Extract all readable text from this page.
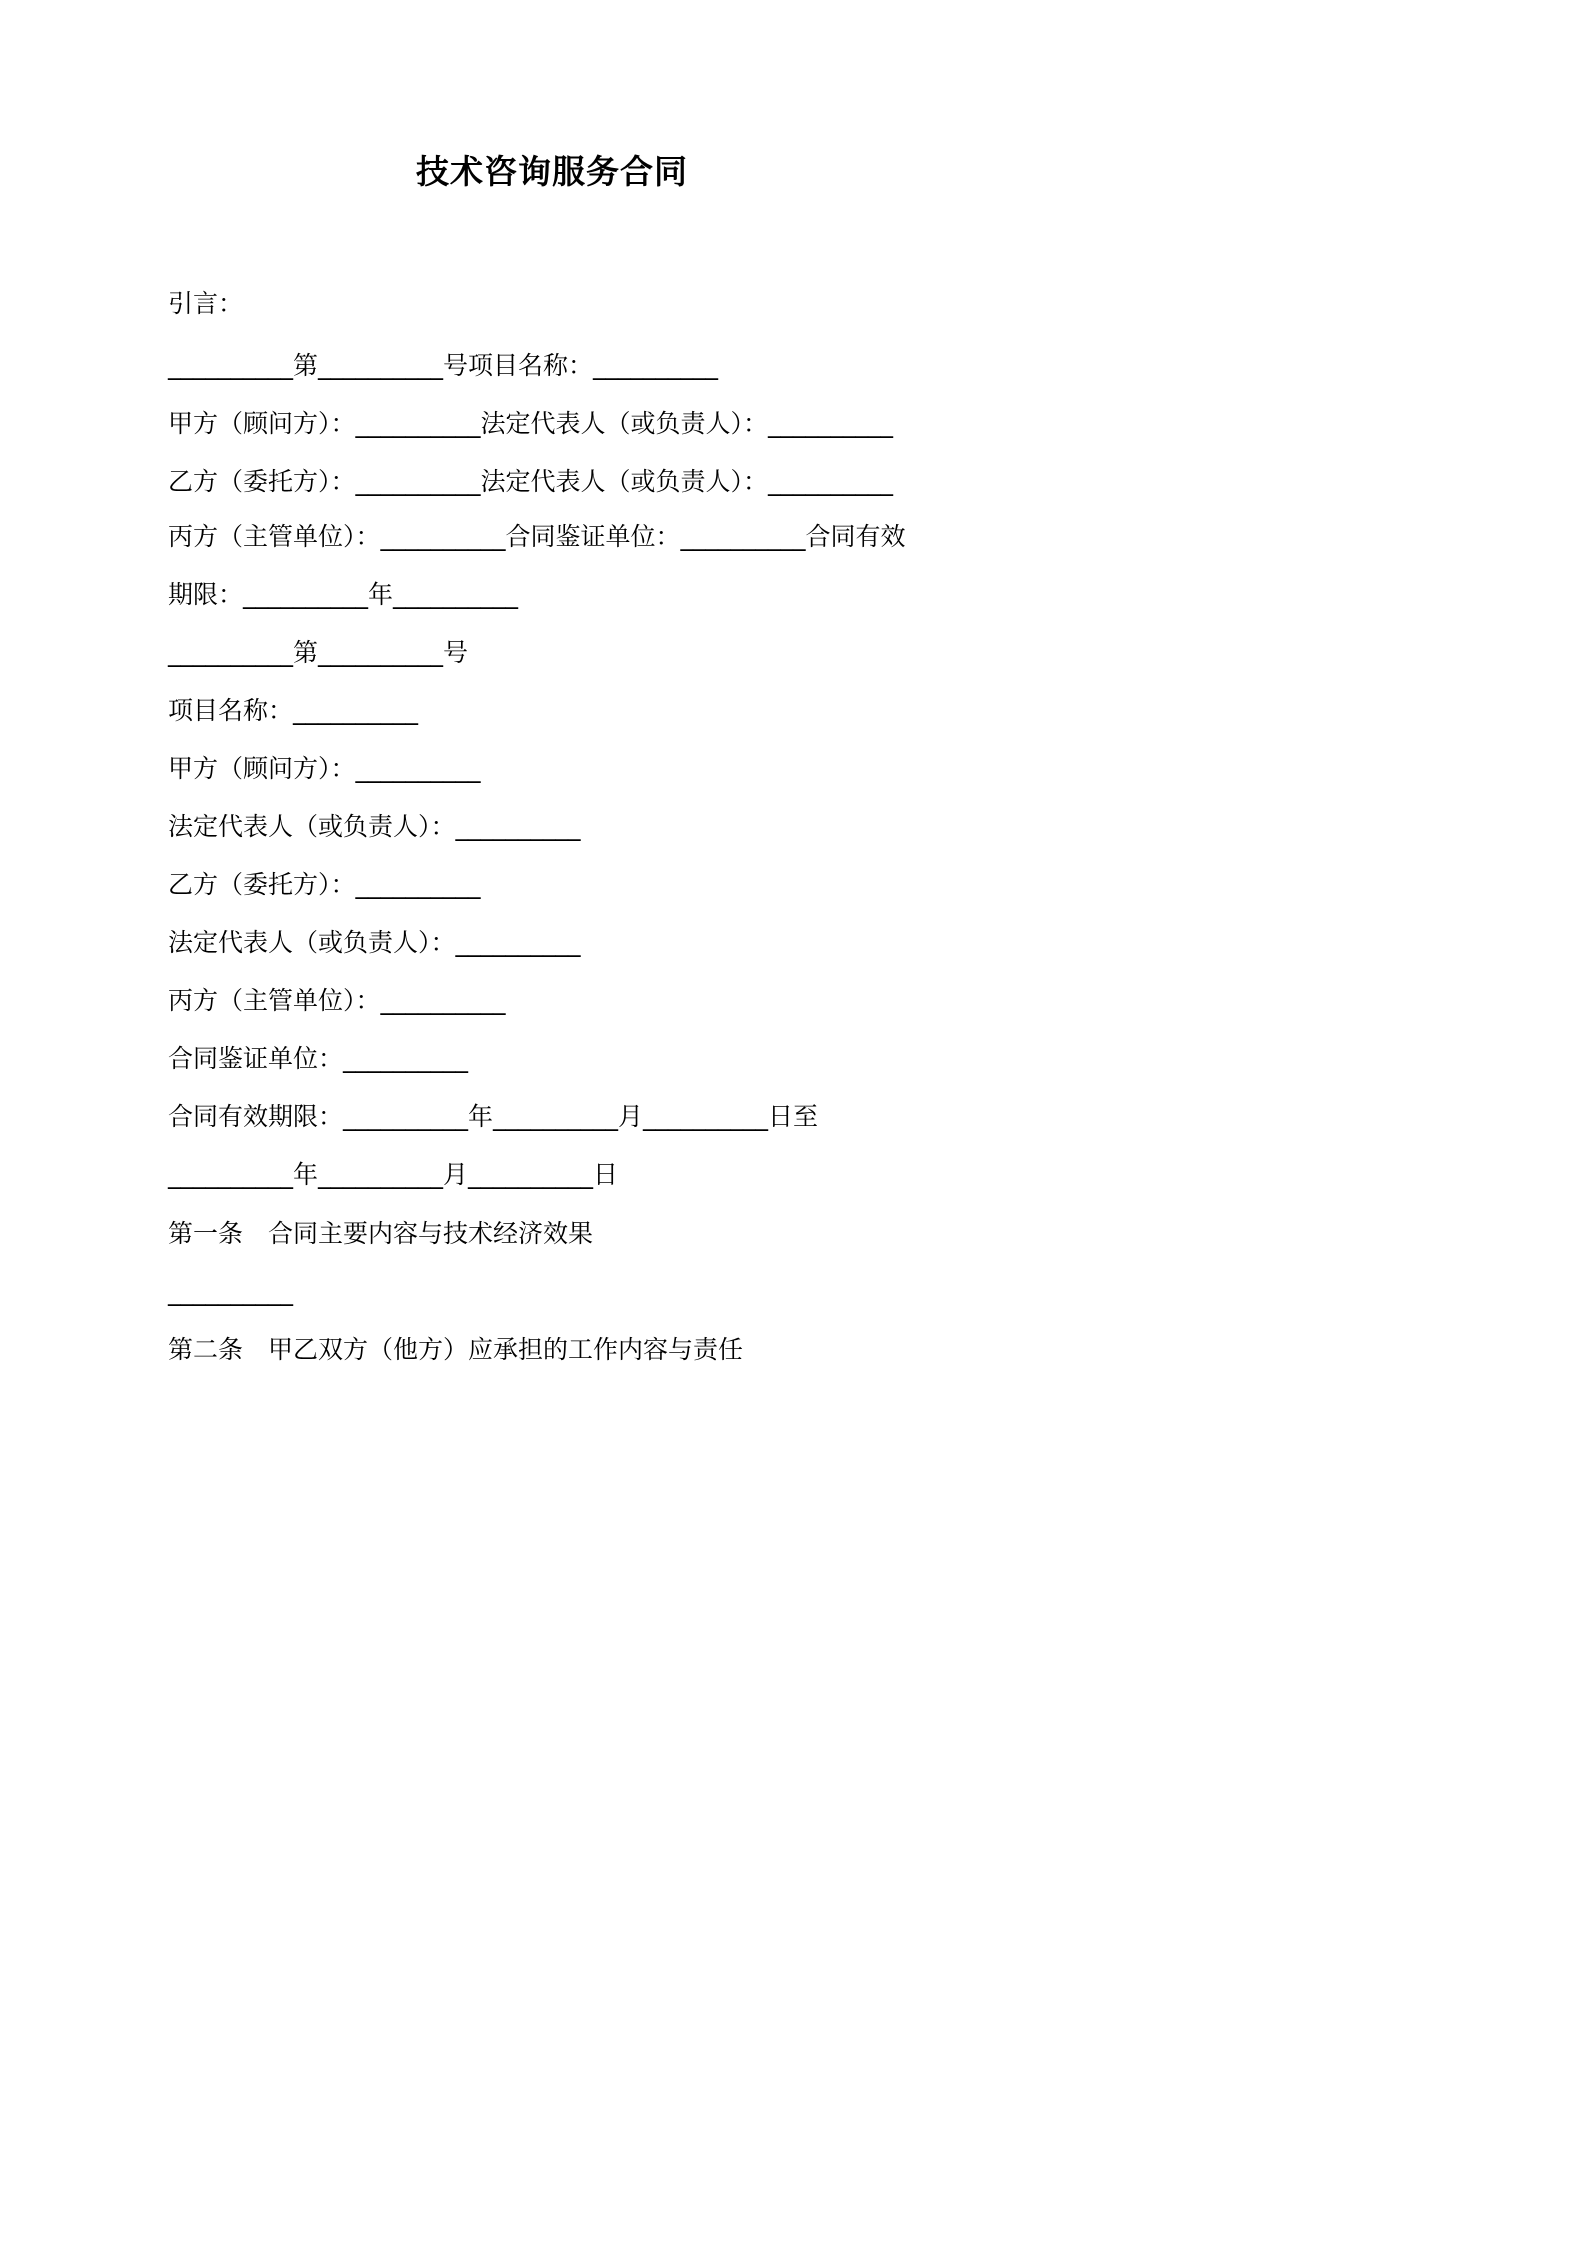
技术咨询服务合同
引言：
__________第__________号项目名称：__________
甲方（顾问方）：__________法定代表人（或负责人）：__________
乙方（委托方）：__________法定代表人（或负责人）：__________
丙方（主管单位）：__________合同鉴证单位：__________合同有效
期限：__________年__________
__________第__________号
项目名称：__________
甲方（顾问方）：__________
法定代表人（或负责人）：__________
乙方（委托方）：__________
法定代表人（或负责人）：__________
丙方（主管单位）：__________
合同鉴证单位：__________
合同有效期限：__________年__________月__________日至
__________年__________月__________日
第一条　合同主要内容与技术经济效果
__________
第二条　甲乙双方（他方）应承担的工作内容与责任
